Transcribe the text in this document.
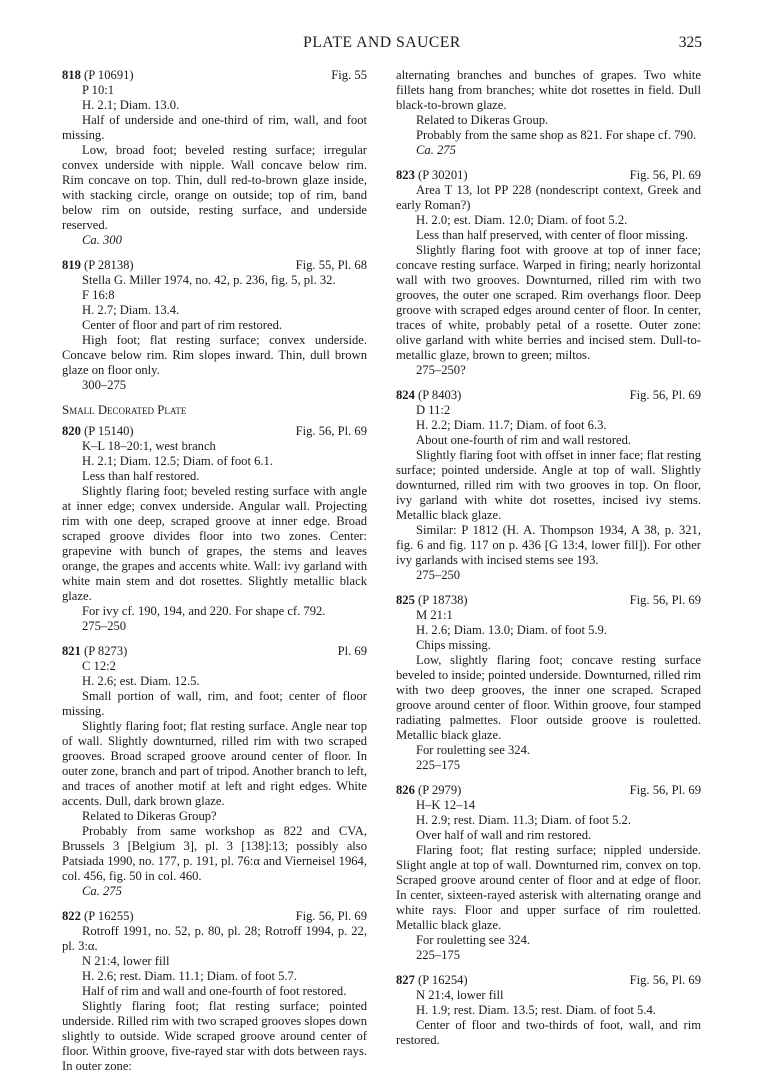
PLATE AND SAUCER	325
818 (P 10691)	Fig. 55
P 10:1
H. 2.1; Diam. 13.0.
Half of underside and one-third of rim, wall, and foot missing.
Low, broad foot; beveled resting surface; irregular convex underside with nipple. Wall concave below rim. Rim concave on top. Thin, dull red-to-brown glaze inside, with stacking circle, orange on outside; top of rim, band below rim on outside, resting surface, and underside reserved.
Ca. 300
819 (P 28138)	Fig. 55, Pl. 68
Stella G. Miller 1974, no. 42, p. 236, fig. 5, pl. 32.
F 16:8
H. 2.7; Diam. 13.4.
Center of floor and part of rim restored.
High foot; flat resting surface; convex underside. Concave below rim. Rim slopes inward. Thin, dull brown glaze on floor only.
300–275
Small Decorated Plate
820 (P 15140)	Fig. 56, Pl. 69
K–L 18–20:1, west branch
H. 2.1; Diam. 12.5; Diam. of foot 6.1.
Less than half restored.
Slightly flaring foot; beveled resting surface with angle at inner edge; convex underside. Angular wall. Projecting rim with one deep, scraped groove at inner edge. Broad scraped groove divides floor into two zones. Center: grapevine with bunch of grapes, the stems and leaves orange, the grapes and accents white. Wall: ivy garland with white main stem and dot rosettes. Slightly metallic black glaze.
For ivy cf. 190, 194, and 220. For shape cf. 792.
275–250
821 (P 8273)	Pl. 69
C 12:2
H. 2.6; est. Diam. 12.5.
Small portion of wall, rim, and foot; center of floor missing.
Slightly flaring foot; flat resting surface. Angle near top of wall. Slightly downturned, rilled rim with two scraped grooves. Broad scraped groove around center of floor. In outer zone, branch and part of tripod. Another branch to left, and traces of another motif at left and right edges. White accents. Dull, dark brown glaze.
Related to Dikeras Group?
Probably from same workshop as 822 and CVA, Brussels 3 [Belgium 3], pl. 3 [138]:13; possibly also Patsiada 1990, no. 177, p. 191, pl. 76:α and Vierneisel 1964, col. 456, fig. 50 in col. 460.
Ca. 275
822 (P 16255)	Fig. 56, Pl. 69
Rotroff 1991, no. 52, p. 80, pl. 28; Rotroff 1994, p. 22, pl. 3:α.
N 21:4, lower fill
H. 2.6; rest. Diam. 11.1; Diam. of foot 5.7.
Half of rim and wall and one-fourth of foot restored.
Slightly flaring foot; flat resting surface; pointed underside. Rilled rim with two scraped grooves slopes down slightly to outside. Wide scraped groove around center of floor. Within groove, five-rayed star with dots between rays. In outer zone:
alternating branches and bunches of grapes. Two white fillets hang from branches; white dot rosettes in field. Dull black-to-brown glaze.
Related to Dikeras Group.
Probably from the same shop as 821. For shape cf. 790.
Ca. 275
823 (P 30201)	Fig. 56, Pl. 69
Area T 13, lot PP 228 (nondescript context, Greek and early Roman?)
H. 2.0; est. Diam. 12.0; Diam. of foot 5.2.
Less than half preserved, with center of floor missing.
Slightly flaring foot with groove at top of inner face; concave resting surface. Warped in firing; nearly horizontal wall with two grooves. Downturned, rilled rim with two grooves, the outer one scraped. Rim overhangs floor. Deep groove with scraped edges around center of floor. In center, traces of white, probably petal of a rosette. Outer zone: olive garland with white berries and incised stem. Dull-to-metallic glaze, brown to green; miltos.
275–250?
824 (P 8403)	Fig. 56, Pl. 69
D 11:2
H. 2.2; Diam. 11.7; Diam. of foot 6.3.
About one-fourth of rim and wall restored.
Slightly flaring foot with offset in inner face; flat resting surface; pointed underside. Angle at top of wall. Slightly downturned, rilled rim with two grooves in top. On floor, ivy garland with white dot rosettes, incised ivy stems. Metallic black glaze.
Similar: P 1812 (H. A. Thompson 1934, A 38, p. 321, fig. 6 and fig. 117 on p. 436 [G 13:4, lower fill]). For other ivy garlands with incised stems see 193.
275–250
825 (P 18738)	Fig. 56, Pl. 69
M 21:1
H. 2.6; Diam. 13.0; Diam. of foot 5.9.
Chips missing.
Low, slightly flaring foot; concave resting surface beveled to inside; pointed underside. Downturned, rilled rim with two deep grooves, the inner one scraped. Scraped groove around center of floor. Within groove, four stamped radiating palmettes. Floor outside groove is rouletted. Metallic black glaze.
For rouletting see 324.
225–175
826 (P 2979)	Fig. 56, Pl. 69
H–K 12–14
H. 2.9; rest. Diam. 11.3; Diam. of foot 5.2.
Over half of wall and rim restored.
Flaring foot; flat resting surface; nippled underside. Slight angle at top of wall. Downturned rim, convex on top. Scraped groove around center of floor and at edge of floor. In center, sixteen-rayed asterisk with alternating orange and white rays. Floor and upper surface of rim rouletted. Metallic black glaze.
For rouletting see 324.
225–175
827 (P 16254)	Fig. 56, Pl. 69
N 21:4, lower fill
H. 1.9; rest. Diam. 13.5; rest. Diam. of foot 5.4.
Center of floor and two-thirds of foot, wall, and rim restored.
